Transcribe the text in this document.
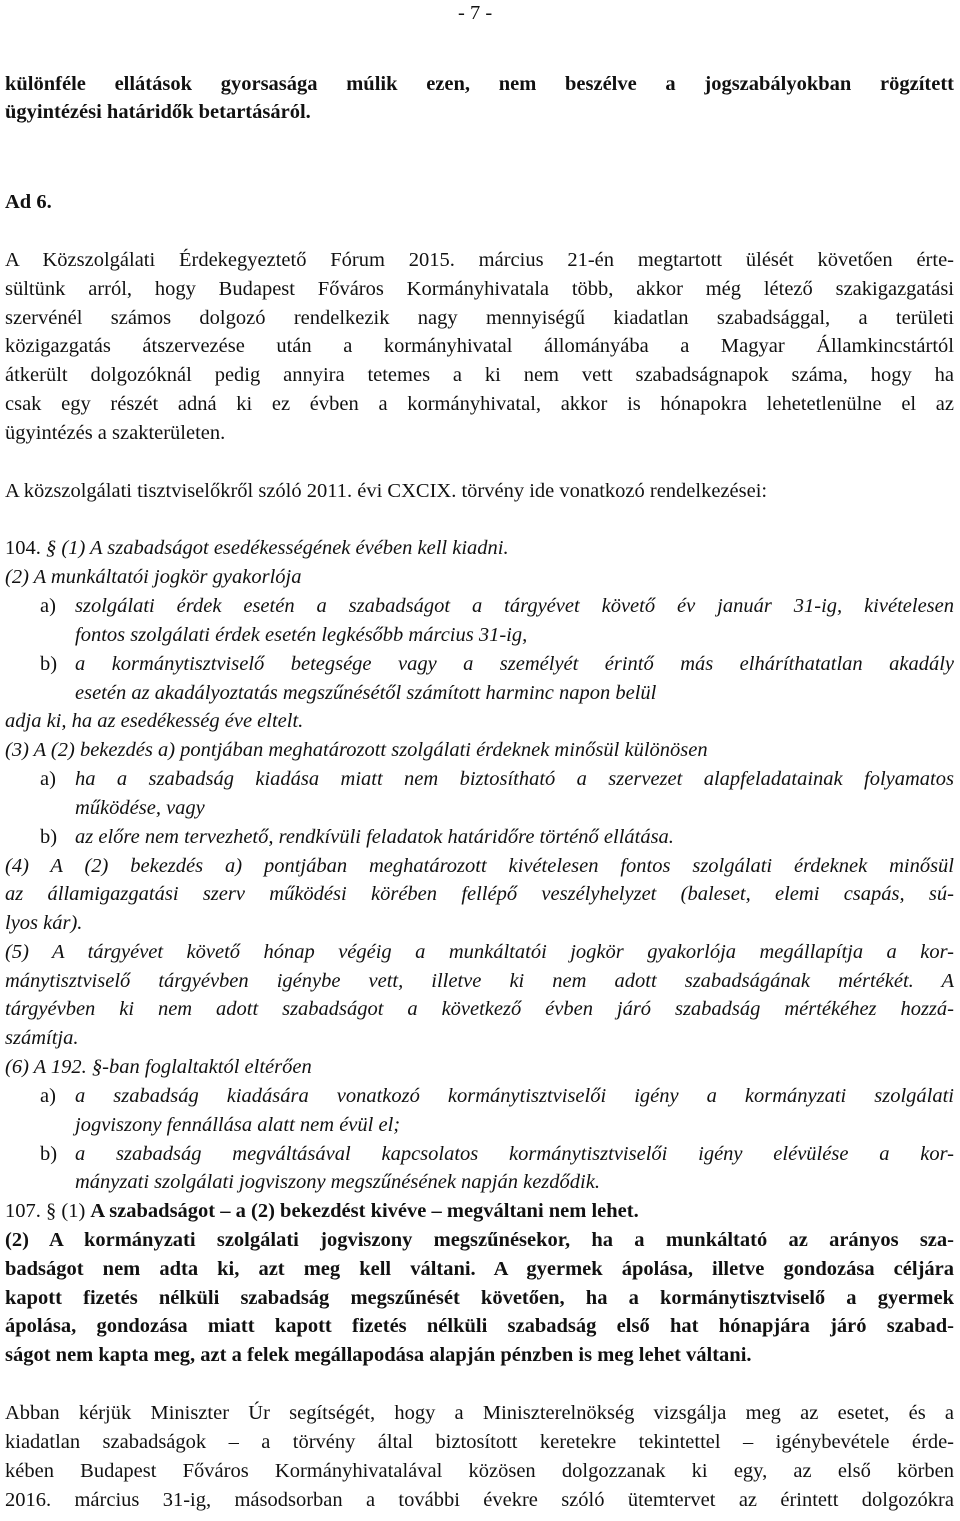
- 7 -
különféle ellátások gyorsasága múlik ezen, nem beszélve a jogszabályokban rögzített
ügyintézési határidők betartásáról.
Ad 6.
A Közszolgálati Érdekegyeztető Fórum 2015. március 21-én megtartott ülését követően érte-
sültünk arról, hogy Budapest Főváros Kormányhivatala több, akkor még létező szakigazgatási
szervénél számos dolgozó rendelkezik nagy mennyiségű kiadatlan szabadsággal, a területi
közigazgatás átszervezése után a kormányhivatal állományába a Magyar Államkincstártól
átkerült dolgozóknál pedig annyira tetemes a ki nem vett szabadságnapok száma, hogy ha
csak egy részét adná ki ez évben a kormányhivatal, akkor is hónapokra lehetetlenülne el az
ügyintézés a szakterületen.
A közszolgálati tisztviselőkről szóló 2011. évi CXCIX. törvény ide vonatkozó rendelkezései:
104. § (1) A szabadságot esedékességének évében kell kiadni.
(2) A munkáltatói jogkör gyakorlója
a) szolgálati érdek esetén a szabadságot a tárgyévet követő év január 31-ig, kivételesen
fontos szolgálati érdek esetén legkésőbb március 31-ig,
b) a kormánytisztviselő betegsége vagy a személyét érintő más elháríthatatlan akadály
esetén az akadályoztatás megszűnésétől számított harminc napon belül
adja ki, ha az esedékesség éve eltelt.
(3) A (2) bekezdés a) pontjában meghatározott szolgálati érdeknek minősül különösen
a) ha a szabadság kiadása miatt nem biztosítható a szervezet alapfeladatainak folyamatos
működése, vagy
b) az előre nem tervezhető, rendkívüli feladatok határidőre történő ellátása.
(4) A (2) bekezdés a) pontjában meghatározott kivételesen fontos szolgálati érdeknek minősül
az államigazgatási szerv működési körében fellépő veszélyhelyzet (baleset, elemi csapás, sú-
lyos kár).
(5) A tárgyévet követő hónap végéig a munkáltatói jogkör gyakorlója megállapítja a kor-
mánytisztviselő tárgyévben igénybe vett, illetve ki nem adott szabadságának mértékét. A
tárgyévben ki nem adott szabadságot a következő évben járó szabadság mértékéhez hozzá-
számítja.
(6) A 192. §-ban foglaltaktól eltérően
a) a szabadság kiadására vonatkozó kormánytisztviselői igény a kormányzati szolgálati
jogviszony fennállása alatt nem évül el;
b) a szabadság megváltásával kapcsolatos kormánytisztviselői igény elévülése a kor-
mányzati szolgálati jogviszony megszűnésének napján kezdődik.
107. § (1) A szabadságot – a (2) bekezdést kivéve – megváltani nem lehet.
(2) A kormányzati szolgálati jogviszony megszűnésekor, ha a munkáltató az arányos sza-
badságot nem adta ki, azt meg kell váltani. A gyermek ápolása, illetve gondozása céljára
kapott fizetés nélküli szabadság megszűnését követően, ha a kormánytisztviselő a gyermek
ápolása, gondozása miatt kapott fizetés nélküli szabadság első hat hónapjára járó szabad-
ságot nem kapta meg, azt a felek megállapodása alapján pénzben is meg lehet váltani.
Abban kérjük Miniszter Úr segítségét, hogy a Miniszterelnökség vizsgálja meg az esetet, és a
kiadatlan szabadságok – a törvény által biztosított keretekre tekintettel – igénybevétele érde-
kében Budapest Főváros Kormányhivatalával közösen dolgozzanak ki egy, az első körben
2016. március 31-ig, másodsorban a további évekre szóló ütemtervet az érintett dolgozókra
